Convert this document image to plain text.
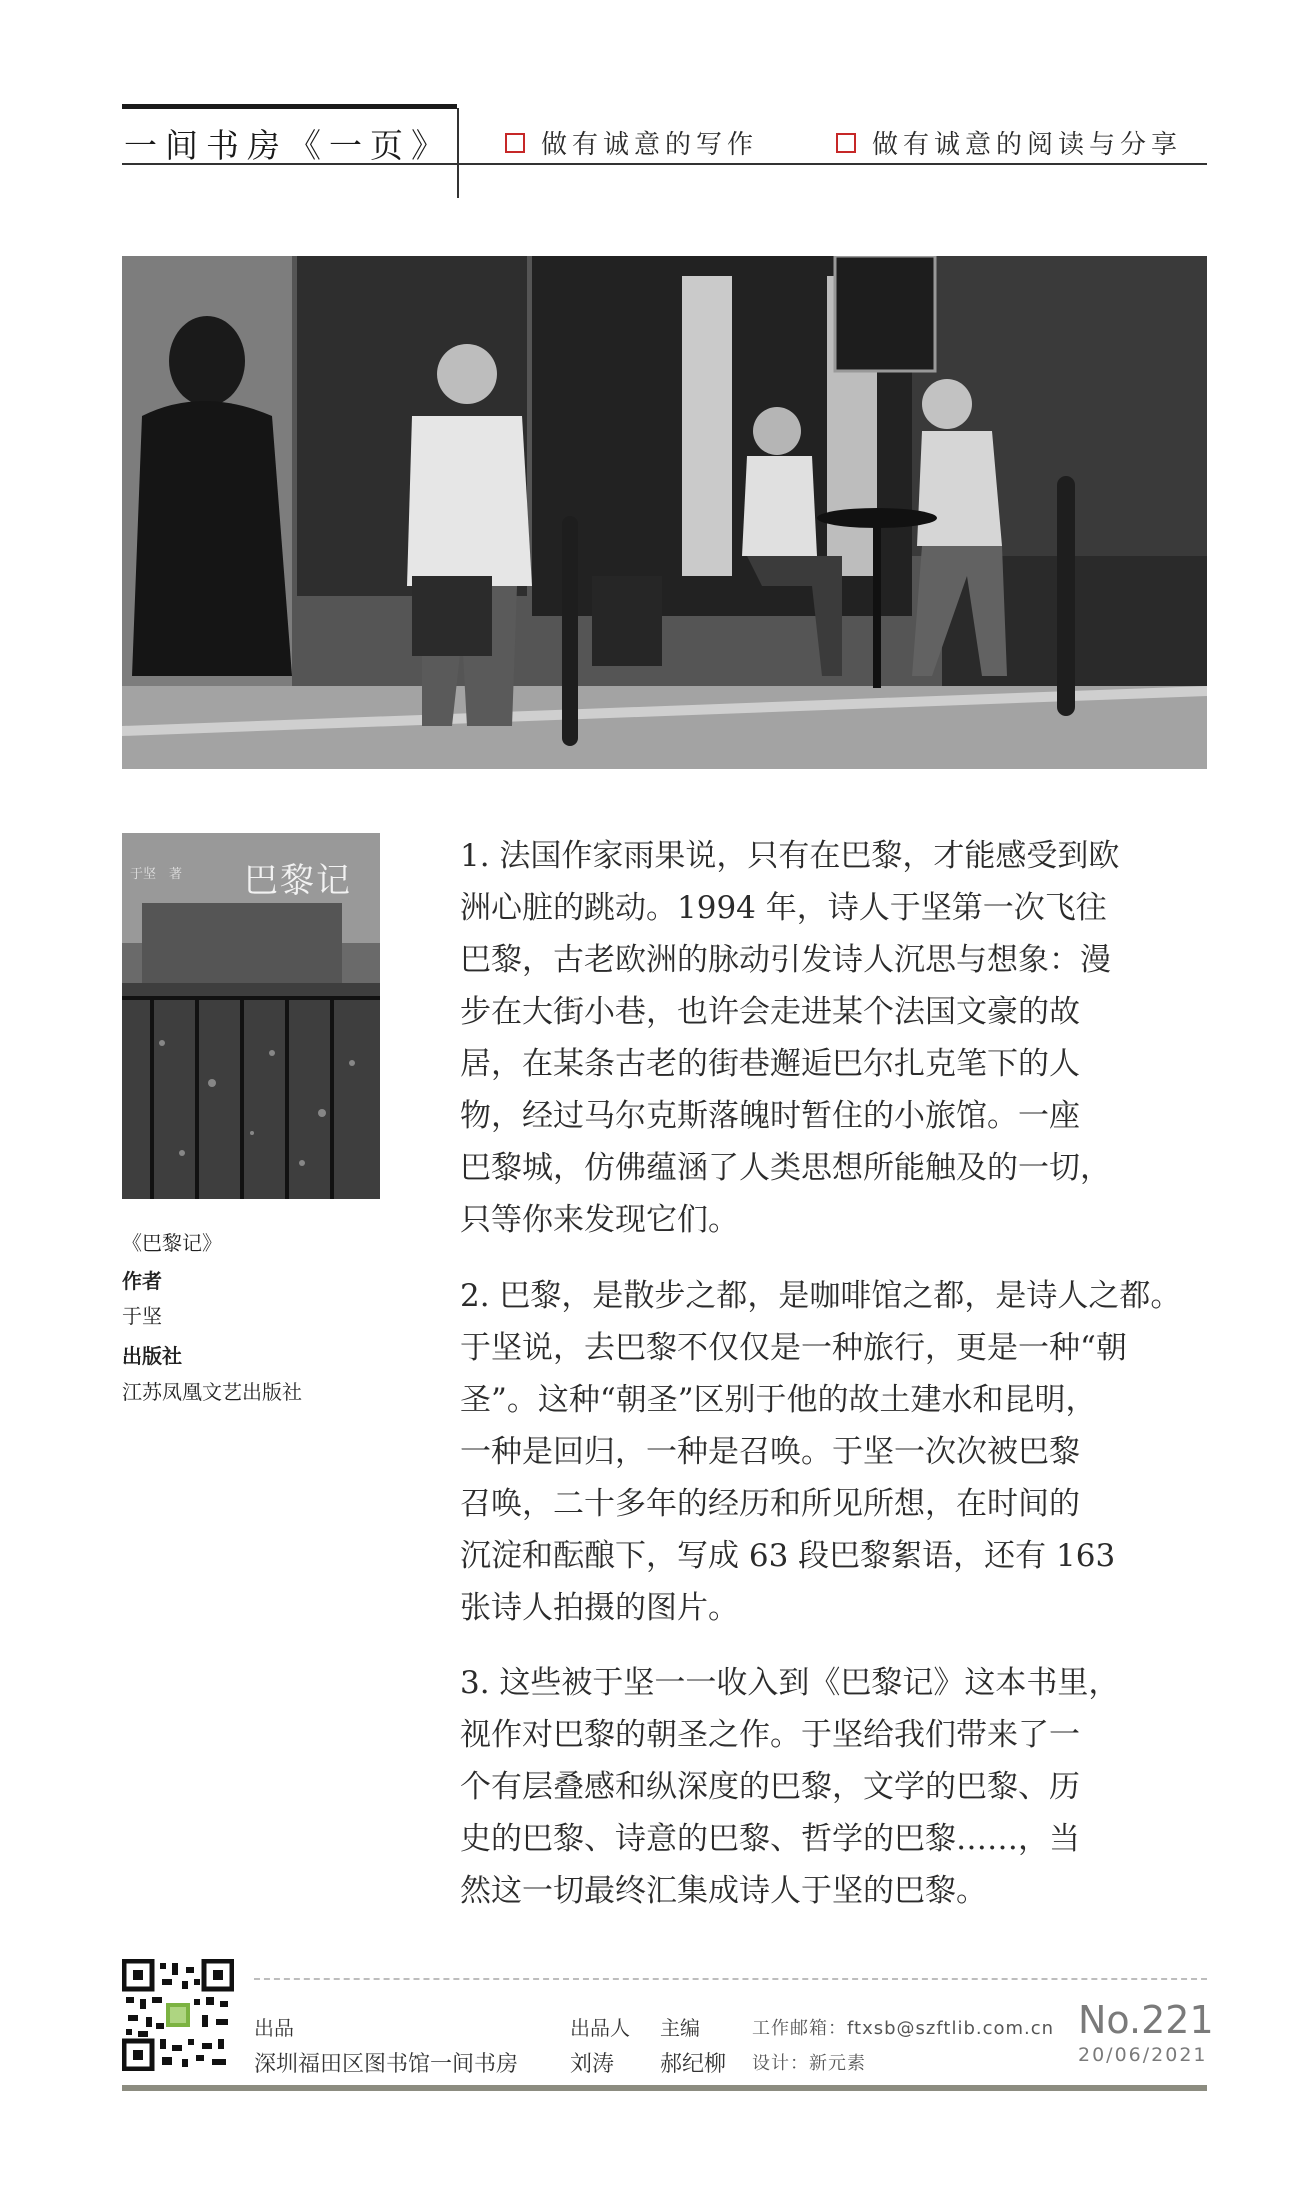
一间书房《一页》	做有诚意的写作	做有诚意的阅读与分享
于坚　著 巴黎记
《巴黎记》
作者
于坚
出版社
江苏凤凰文艺出版社
1. 法国作家雨果说，只有在巴黎，才能感受到欧
洲心脏的跳动。1994 年，诗人于坚第一次飞往
巴黎，古老欧洲的脉动引发诗人沉思与想象：漫
步在大街小巷，也许会走进某个法国文豪的故
居，在某条古老的街巷邂逅巴尔扎克笔下的人
物，经过马尔克斯落魄时暂住的小旅馆。一座
巴黎城，仿佛蕴涵了人类思想所能触及的一切，
只等你来发现它们。
2. 巴黎，是散步之都，是咖啡馆之都，是诗人之都。
于坚说，去巴黎不仅仅是一种旅行，更是一种“朝
圣”。这种“朝圣”区别于他的故土建水和昆明，
一种是回归，一种是召唤。于坚一次次被巴黎
召唤，二十多年的经历和所见所想，在时间的
沉淀和酝酿下，写成 63 段巴黎絮语，还有 163
张诗人拍摄的图片。
3. 这些被于坚一一收入到《巴黎记》这本书里，
视作对巴黎的朝圣之作。于坚给我们带来了一
个有层叠感和纵深度的巴黎，文学的巴黎、历
史的巴黎、诗意的巴黎、哲学的巴黎……，当
然这一切最终汇集成诗人于坚的巴黎。
出品
深圳福田区图书馆一间书房
出品人
刘涛
主编
郝纪柳
工作邮箱：ftxsb@szftlib.com.cn
设计：新元素
No.221
20/06/2021
